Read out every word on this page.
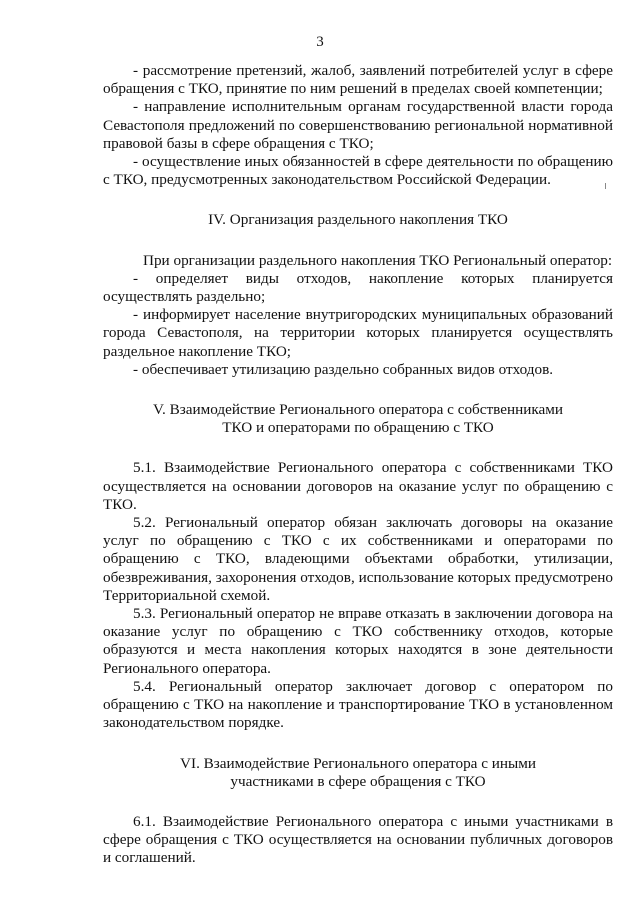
3

- рассмотрение претензий, жалоб, заявлений потребителей услуг в сфере обращения с ТКО, принятие по ним решений в пределах своей компетенции;

- направление исполнительным органам государственной власти города Севастополя предложений по совершенствованию региональной нормативной правовой базы в сфере обращения с ТКО;

- осуществление иных обязанностей в сфере деятельности по обращению с ТКО, предусмотренных законодательством Российской Федерации.

IV. Организация раздельного накопления ТКО

При организации раздельного накопления ТКО Региональный оператор:

- определяет виды отходов, накопление которых планируется осуществлять раздельно;

- информирует население внутригородских муниципальных образований города Севастополя, на территории которых планируется осуществлять раздельное накопление ТКО;

- обеспечивает утилизацию раздельно собранных видов отходов.

V. Взаимодействие Регионального оператора с собственниками

ТКО и операторами по обращению с ТКО

5.1. Взаимодействие Регионального оператора с собственниками ТКО осуществляется на основании договоров на оказание услуг по обращению с ТКО.

5.2. Региональный оператор обязан заключать договоры на оказание услуг по обращению с ТКО с их собственниками и операторами по обращению с ТКО, владеющими объектами обработки, утилизации, обезвреживания, захоронения отходов, использование которых предусмотрено Территориальной схемой.

5.3. Региональный оператор не вправе отказать в заключении договора на оказание услуг по обращению с ТКО собственнику отходов, которые образуются и места накопления которых находятся в зоне деятельности Регионального оператора.

5.4. Региональный оператор заключает договор с оператором по обращению с ТКО на накопление и транспортирование ТКО в установленном законодательством порядке.

VI. Взаимодействие Регионального оператора с иными

участниками в сфере обращения с ТКО

6.1. Взаимодействие Регионального оператора с иными участниками в сфере обращения с ТКО осуществляется на основании публичных договоров и соглашений.
